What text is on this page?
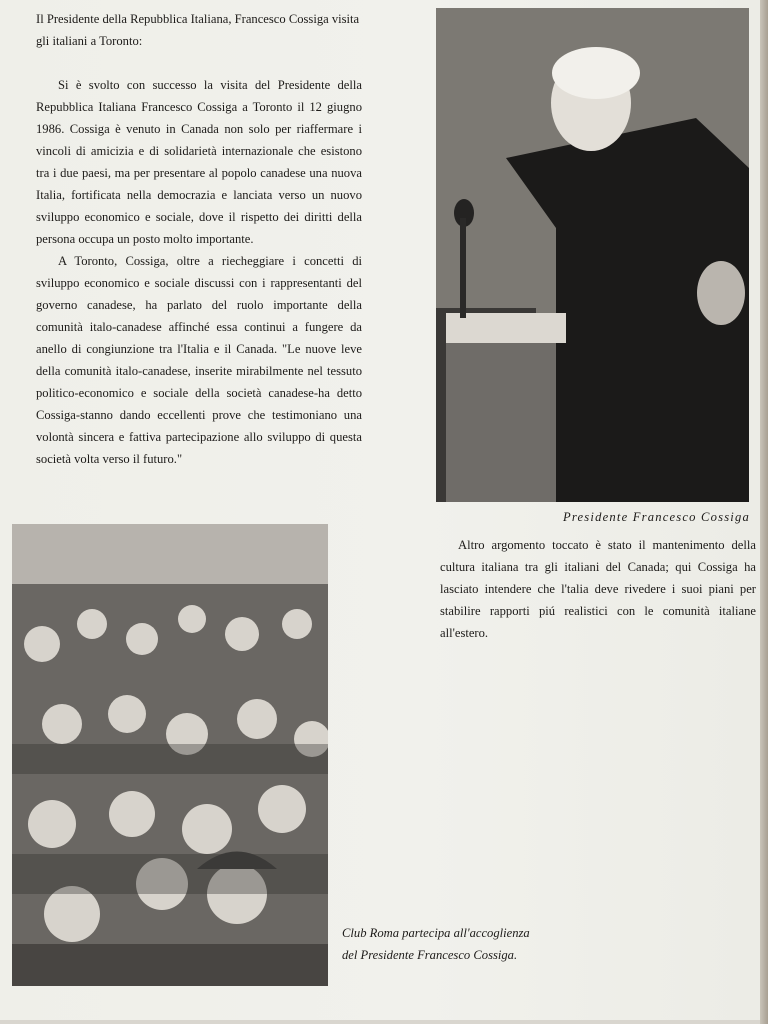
Il Presidente della Repubblica Italiana, Francesco Cossiga visita gli italiani a Toronto:

Si è svolto con successo la visita del Presidente della Repubblica Italiana Francesco Cossiga a Toronto il 12 giugno 1986. Cossiga è venuto in Canada non solo per riaffermare i vincoli di amicizia e di solidarietà internazionale che esistono tra i due paesi, ma per presentare al popolo canadese una nuova Italia, fortificata nella democrazia e lanciata verso un nuovo sviluppo economico e sociale, dove il rispetto dei diritti della persona occupa un posto molto importante.

A Toronto, Cossiga, oltre a riecheggiare i concetti di sviluppo economico e sociale discussi con i rappresentanti del governo canadese, ha parlato del ruolo importante della comunità italo-canadese affinché essa continui a fungere da anello di congiunzione tra l'Italia e il Canada. "Le nuove leve della comunità italo-canadese, inserite mirabilmente nel tessuto politico-economico e sociale della società canadese-ha detto Cossiga-stanno dando eccellenti prove che testimoniano una volontà sincera e fattiva partecipazione allo sviluppo di questa società volta verso il futuro."

Presidente Francesco Cossiga

Altro argomento toccato è stato il mantenimento della cultura italiana tra gli italiani del Canada; qui Cossiga ha lasciato intendere che l'talia deve rivedere i suoi piani per stabilire rapporti piú realistici con le comunità italiane all'estero.

Club Roma partecipa all'accoglienza del Presidente Francesco Cossiga.
